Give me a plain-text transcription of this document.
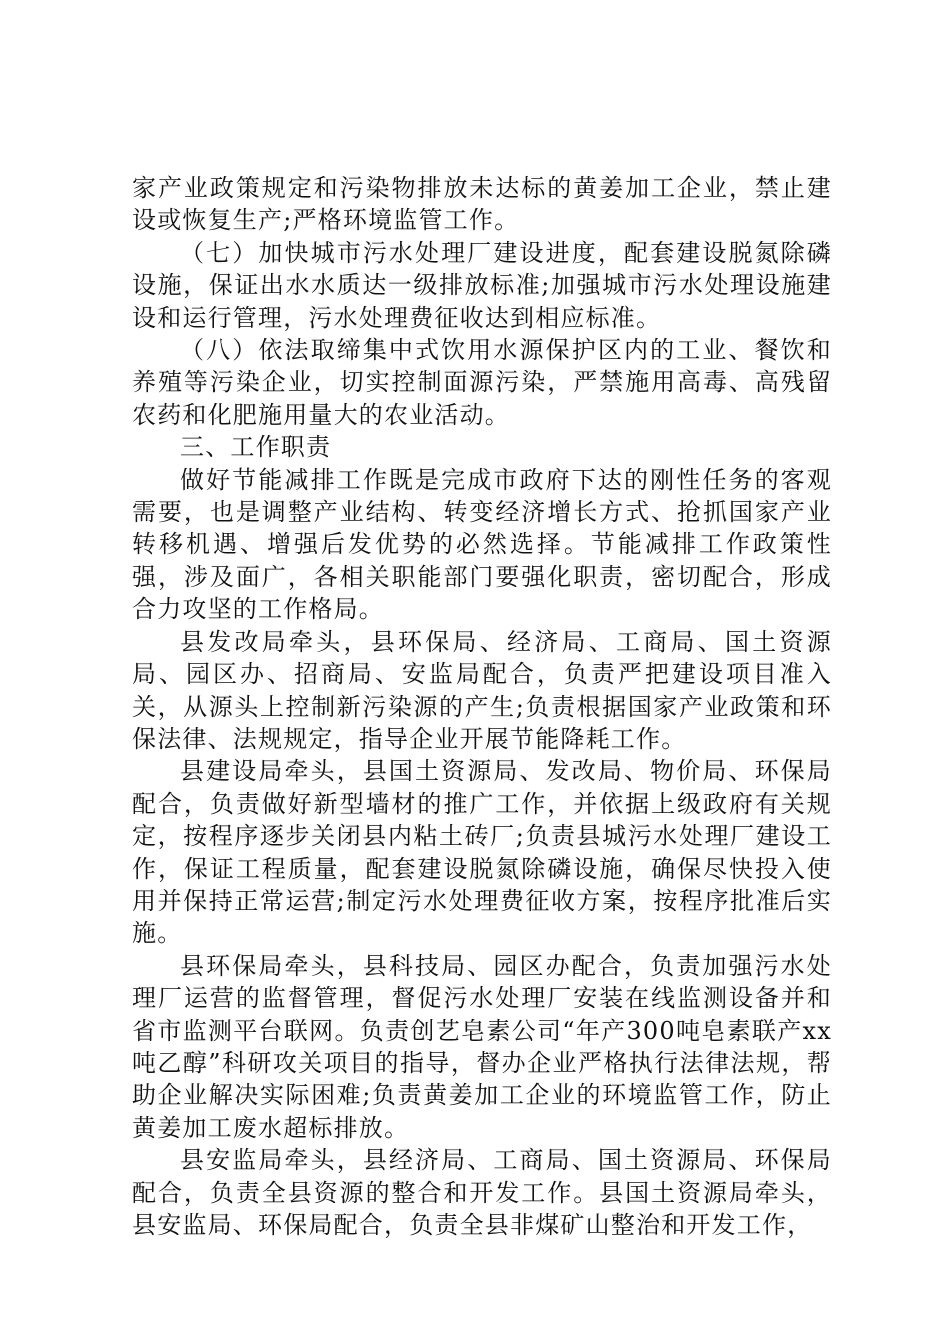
家产业政策规定和污染物排放未达标的黄姜加工企业，禁止建设或恢复生产;严格环境监管工作。

（七）加快城市污水处理厂建设进度，配套建设脱氮除磷设施，保证出水水质达一级排放标准;加强城市污水处理设施建设和运行管理，污水处理费征收达到相应标准。

（八）依法取缔集中式饮用水源保护区内的工业、餐饮和养殖等污染企业，切实控制面源污染，严禁施用高毒、高残留农药和化肥施用量大的农业活动。

三、工作职责

做好节能减排工作既是完成市政府下达的刚性任务的客观需要，也是调整产业结构、转变经济增长方式、抢抓国家产业转移机遇、增强后发优势的必然选择。节能减排工作政策性强，涉及面广，各相关职能部门要强化职责，密切配合，形成合力攻坚的工作格局。

县发改局牵头，县环保局、经济局、工商局、国土资源局、园区办、招商局、安监局配合，负责严把建设项目准入关，从源头上控制新污染源的产生;负责根据国家产业政策和环保法律、法规规定，指导企业开展节能降耗工作。

县建设局牵头，县国土资源局、发改局、物价局、环保局配合，负责做好新型墙材的推广工作，并依据上级政府有关规定，按程序逐步关闭县内粘土砖厂;负责县城污水处理厂建设工作，保证工程质量，配套建设脱氮除磷设施，确保尽快投入使用并保持正常运营;制定污水处理费征收方案，按程序批准后实施。

县环保局牵头，县科技局、园区办配合，负责加强污水处理厂运营的监督管理，督促污水处理厂安装在线监测设备并和省市监测平台联网。负责创艺皂素公司“年产300吨皂素联产xx吨乙醇”科研攻关项目的指导，督办企业严格执行法律法规，帮助企业解决实际困难;负责黄姜加工企业的环境监管工作，防止黄姜加工废水超标排放。

县安监局牵头，县经济局、工商局、国土资源局、环保局配合，负责全县资源的整合和开发工作。县国土资源局牵头，县安监局、环保局配合，负责全县非煤矿山整治和开发工作，
